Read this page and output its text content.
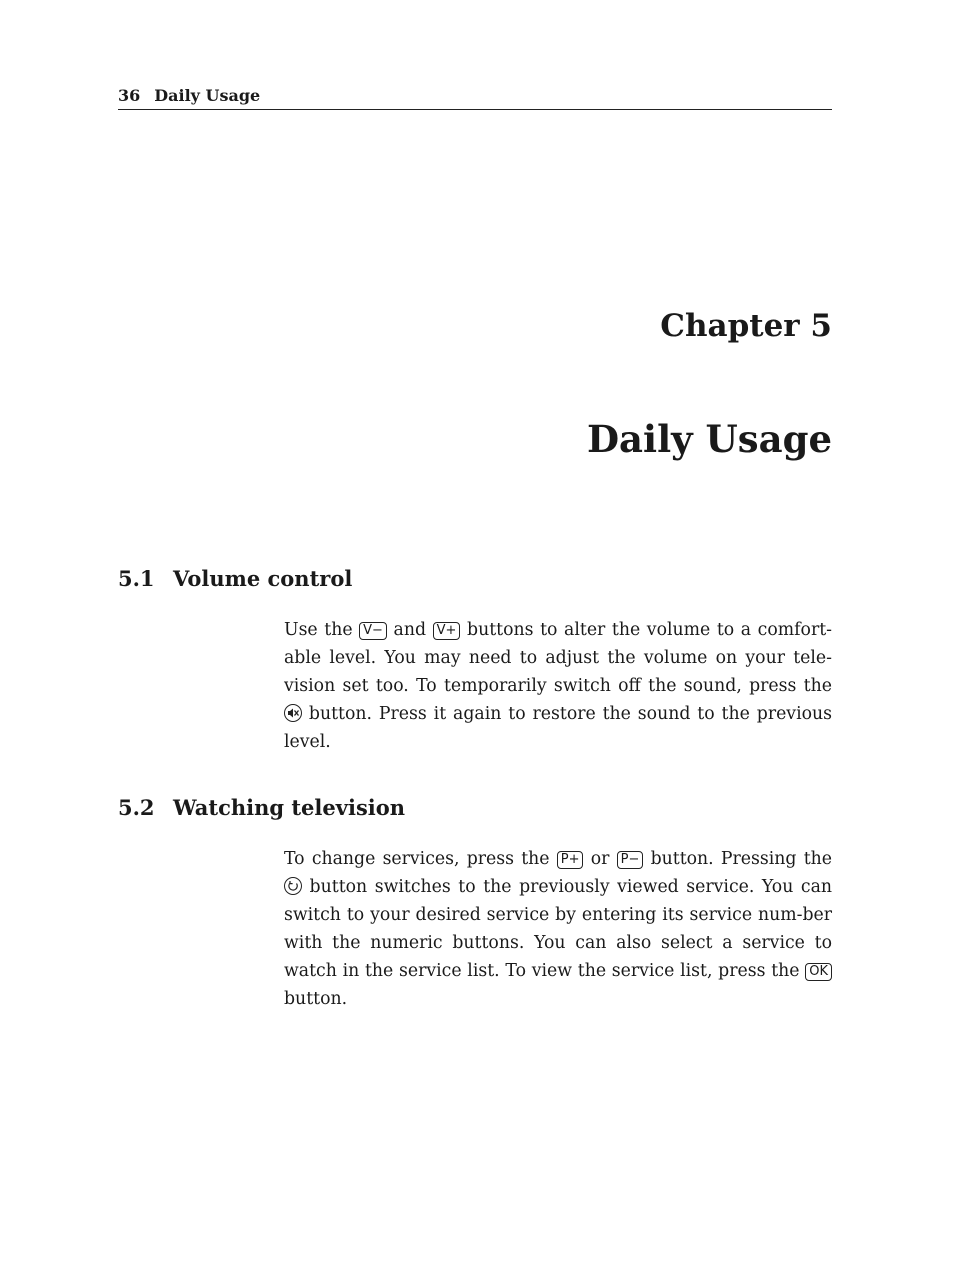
36 Daily Usage
Chapter 5
Daily Usage
5.1 Volume control
Use the V− and V+ buttons to alter the volume to a comfort-able level. You may need to adjust the volume on your tele-vision set too. To temporarily switch off the sound, press the
button. Press it again to restore the sound to the previous level.
5.2 Watching television
To change services, press the P+ or P− button. Pressing the
button switches to the previously viewed service. You can switch to your desired service by entering its service num-ber with the numeric buttons. You can also select a service to watch in the service list. To view the service list, press the OK button.
